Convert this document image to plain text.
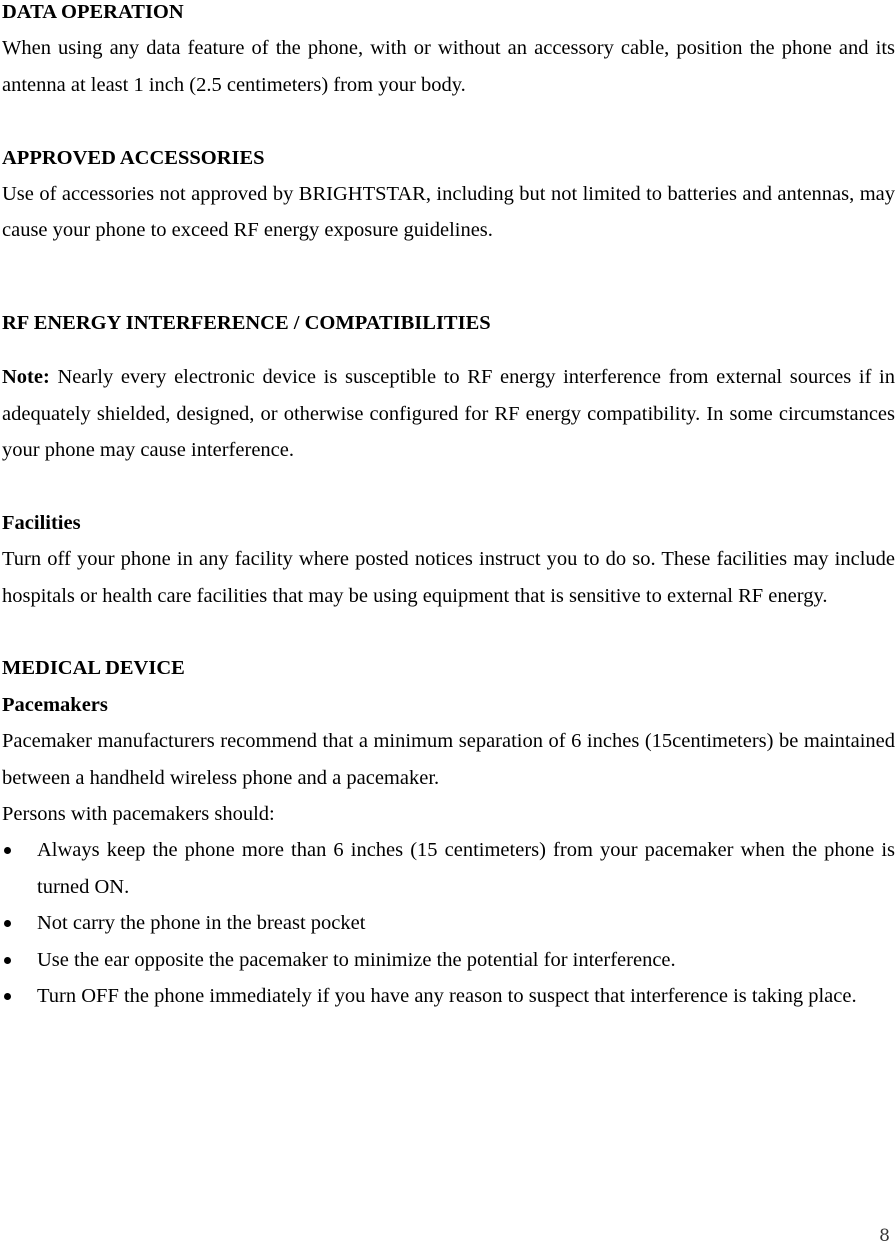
DATA OPERATION

When using any data feature of the phone, with or without an accessory cable, position the phone and its antenna at least 1 inch (2.5 centimeters) from your body.

APPROVED ACCESSORIES

Use of accessories not approved by BRIGHTSTAR, including but not limited to batteries and antennas, may cause your phone to exceed RF energy exposure guidelines.

RF ENERGY INTERFERENCE / COMPATIBILITIES

Note: Nearly every electronic device is susceptible to RF energy interference from external sources if in adequately shielded, designed, or otherwise configured for RF energy compatibility. In some circumstances your phone may cause interference.

Facilities

Turn off your phone in any facility where posted notices instruct you to do so. These facilities may include hospitals or health care facilities that may be using equipment that is sensitive to external RF energy.

MEDICAL DEVICE

Pacemakers

Pacemaker manufacturers recommend that a minimum separation of 6 inches (15centimeters) be maintained between a handheld wireless phone and a pacemaker.

Persons with pacemakers should:

Always keep the phone more than 6 inches (15 centimeters) from your pacemaker when the phone is turned ON.
Not carry the phone in the breast pocket
Use the ear opposite the pacemaker to minimize the potential for interference.
Turn OFF the phone immediately if you have any reason to suspect that interference is taking place.
8
